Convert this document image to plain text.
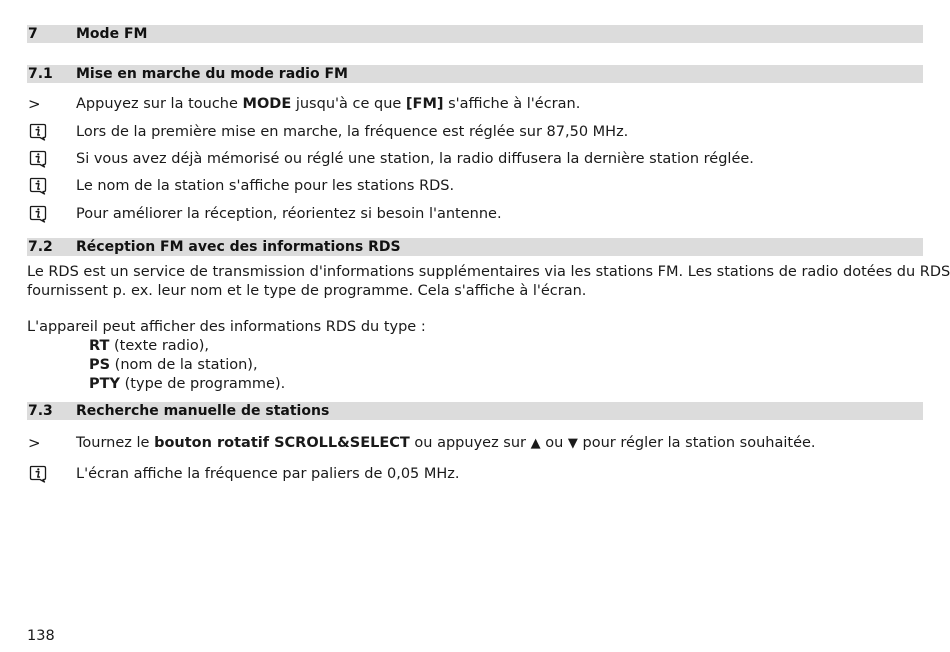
7	Mode FM
7.1 Mise en marche du mode radio FM
> Appuyez sur la touche MODE jusqu'à ce que [FM] s'affiche à l'écran.
Lors de la première mise en marche, la fréquence est réglée sur 87,50 MHz.
Si vous avez déjà mémorisé ou réglé une station, la radio diffusera la dernière station réglée.
Le nom de la station s'affiche pour les stations RDS.
Pour améliorer la réception, réorientez si besoin l'antenne.
7.2 Réception FM avec des informations RDS
Le RDS est un service de transmission d'informations supplémentaires via les stations FM. Les stations de radio dotées du RDS
fournissent p. ex. leur nom et le type de programme. Cela s'affiche à l'écran.
L'appareil peut afficher des informations RDS du type :
RT (texte radio),
PS (nom de la station),
PTY (type de programme).
7.3 Recherche manuelle de stations
> Tournez le bouton rotatif SCROLL&SELECT ou appuyez sur ▲ ou ▼ pour régler la station souhaitée.
L'écran affiche la fréquence par paliers de 0,05 MHz.
138
